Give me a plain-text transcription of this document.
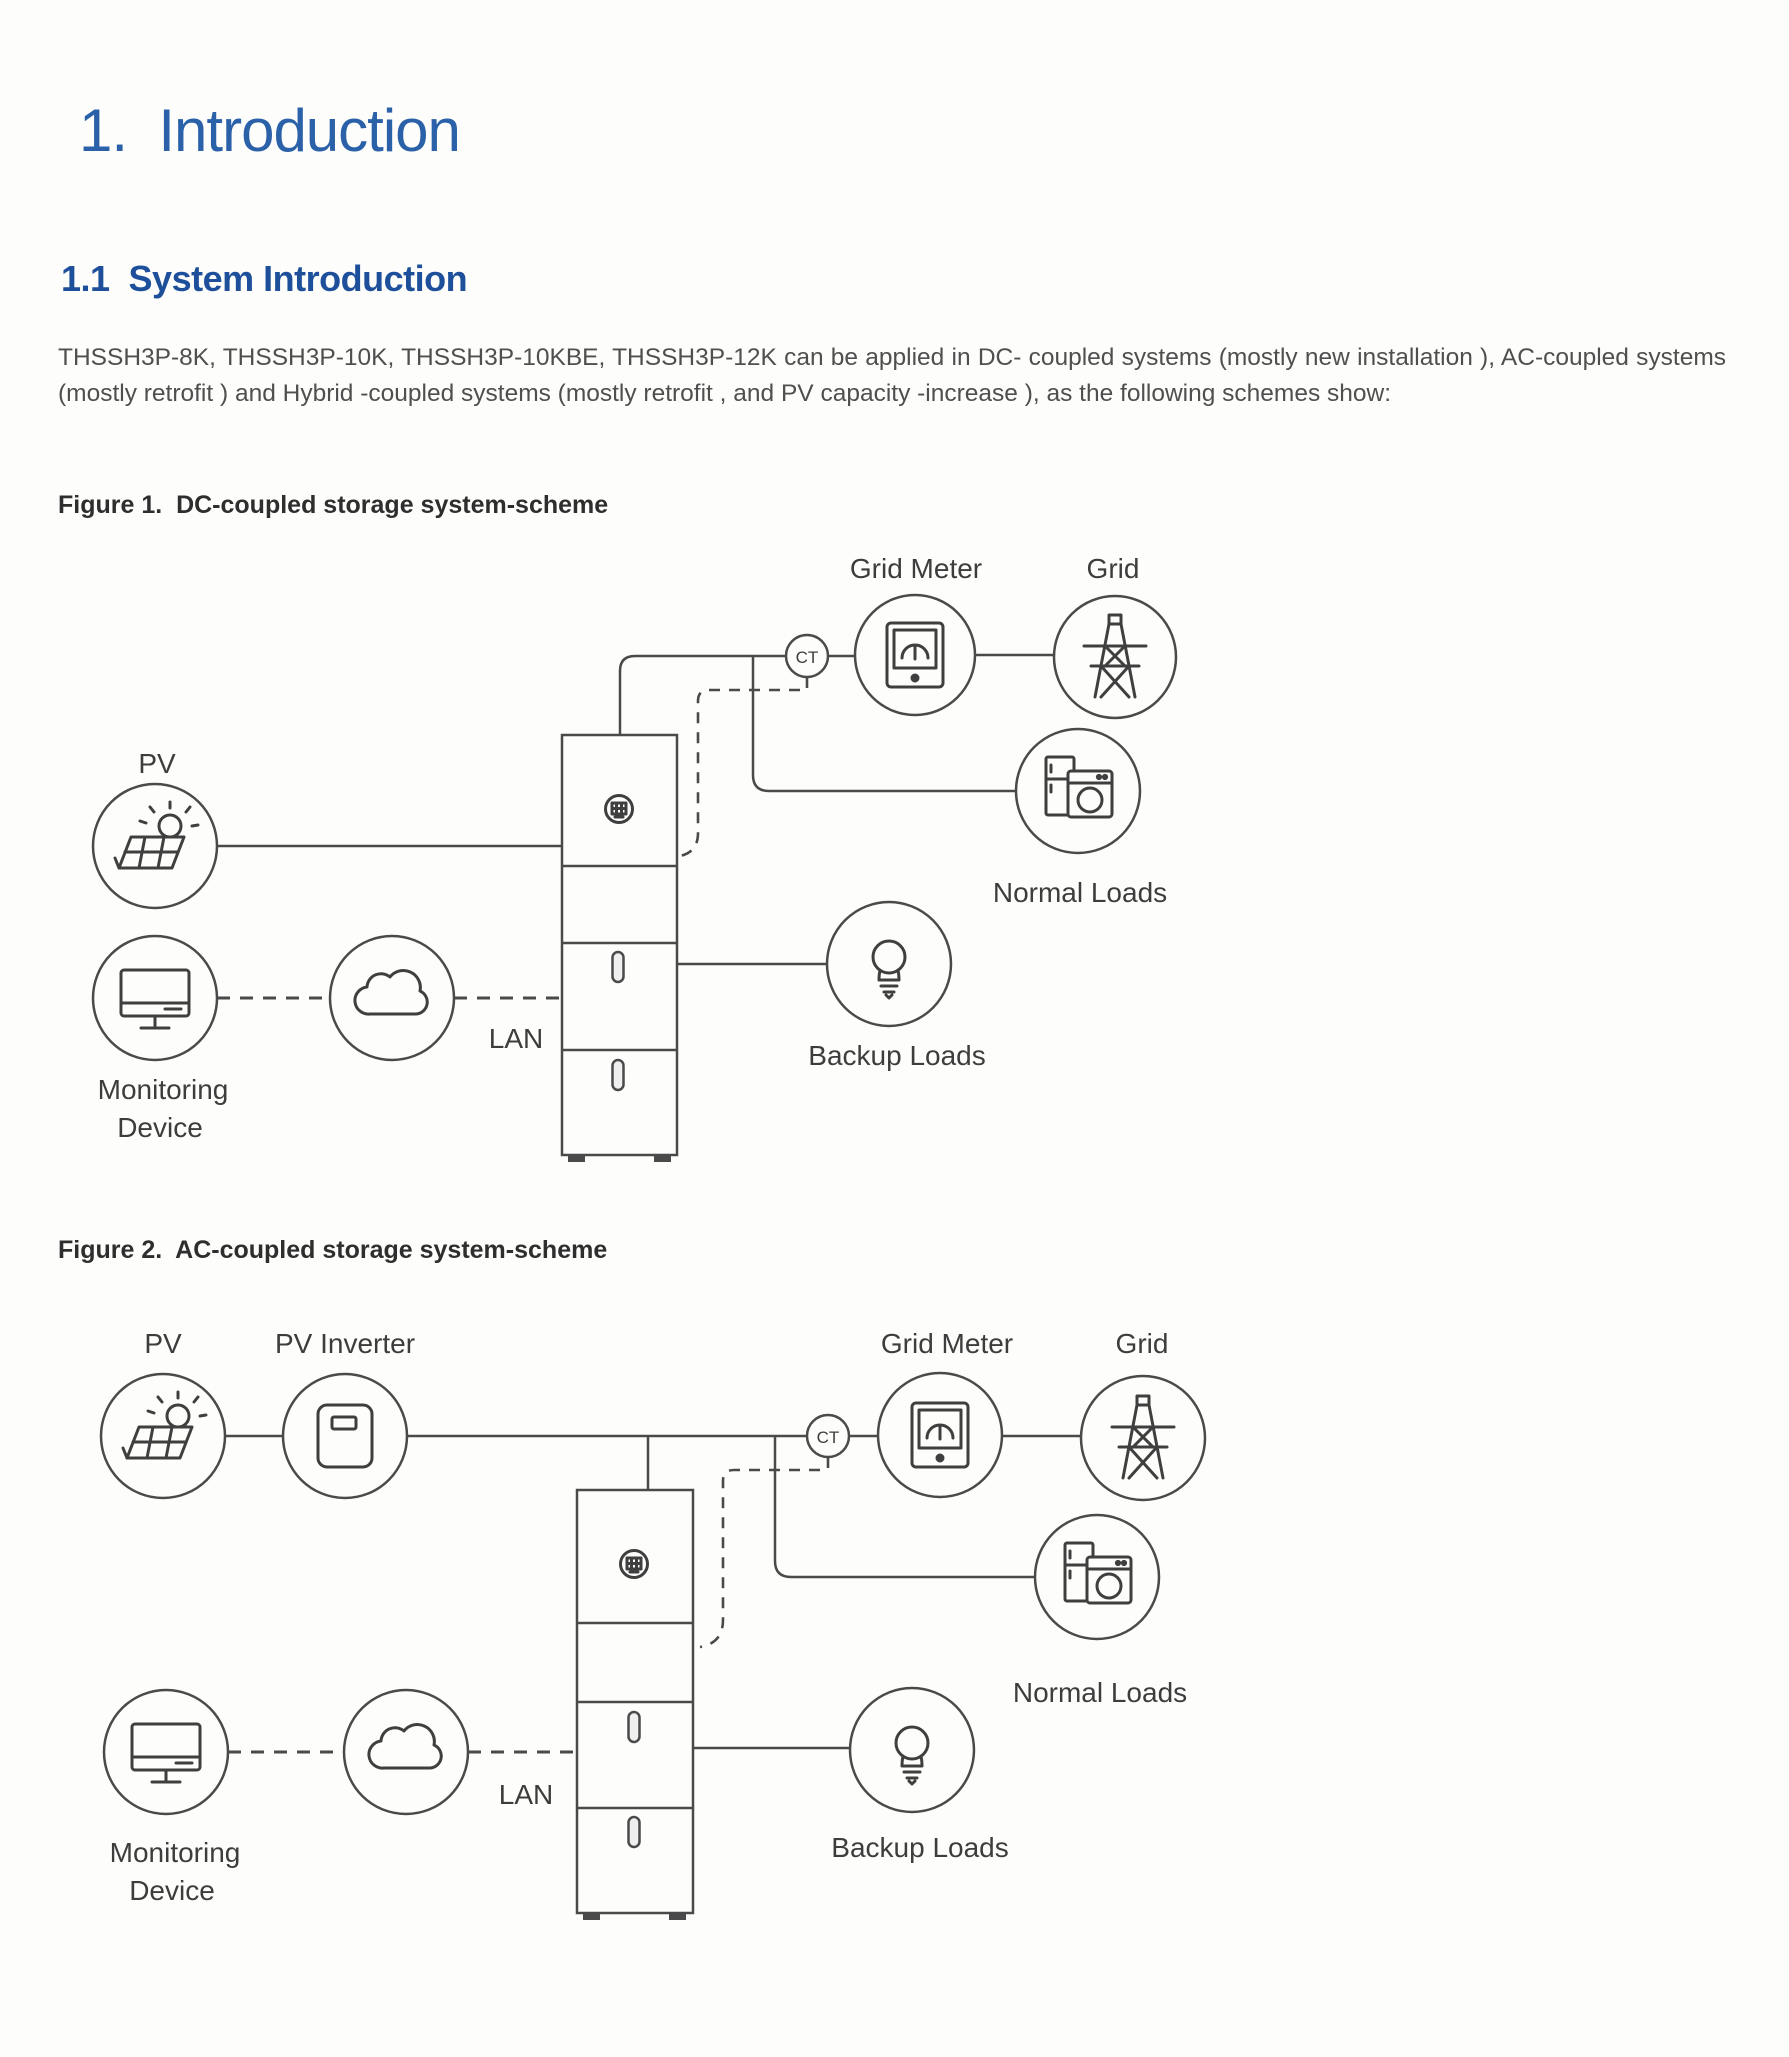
1.  Introduction
1.1  System Introduction
THSSH3P-8K, THSSH3P-10K, THSSH3P-10KBE, THSSH3P-12K can be applied in DC- coupled systems (mostly new installation ), AC-coupled systems (mostly retrofit ) and Hybrid -coupled systems (mostly retrofit , and PV capacity -increase ), as the following schemes show:
Figure 1.  DC-coupled storage system-scheme
CT
PV
Grid Meter	Grid
LAN
Monitoring
Device
Normal Loads
Backup Loads
Figure 2.  AC-coupled storage system-scheme
CT
PV	PV Inverter	Grid Meter	Grid
LAN
Monitoring
Device
Normal Loads
Backup Loads
